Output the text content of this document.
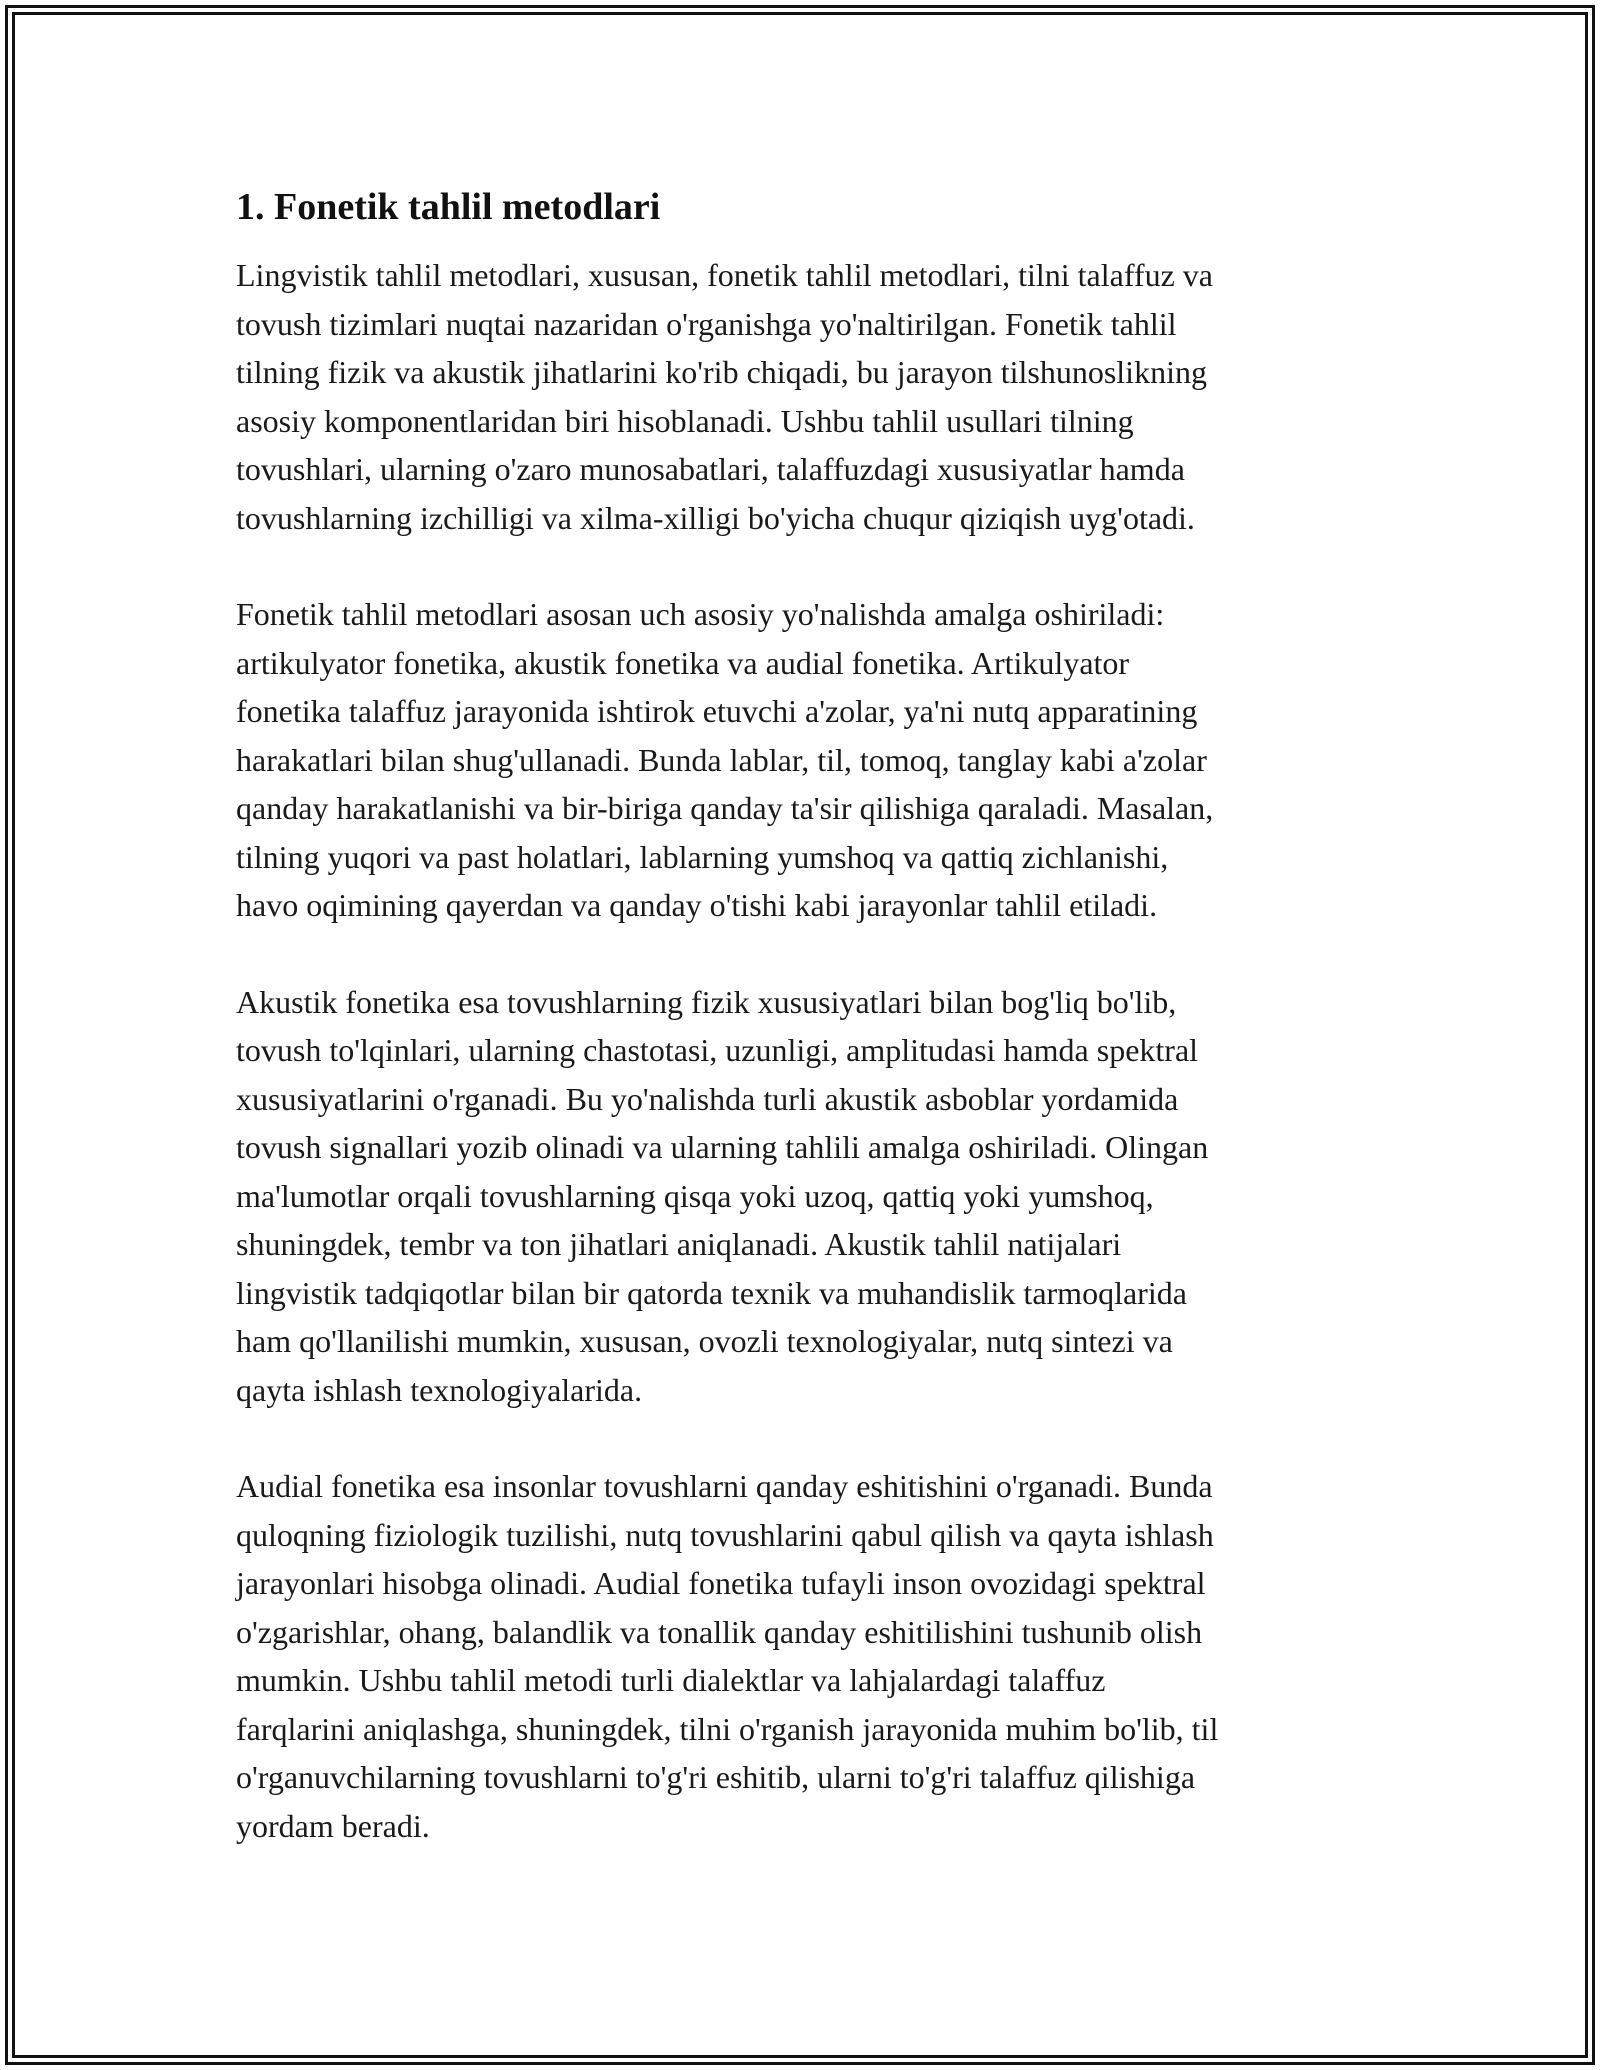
1. Fonetik tahlil metodlari

Lingvistik tahlil metodlari, xususan, fonetik tahlil metodlari, tilni talaffuz va
tovush tizimlari nuqtai nazaridan o'rganishga yo'naltirilgan. Fonetik tahlil
tilning fizik va akustik jihatlarini ko'rib chiqadi, bu jarayon tilshunoslikning
asosiy komponentlaridan biri hisoblanadi. Ushbu tahlil usullari tilning
tovushlari, ularning o'zaro munosabatlari, talaffuzdagi xususiyatlar hamda
tovushlarning izchilligi va xilma-xilligi bo'yicha chuqur qiziqish uyg'otadi.

Fonetik tahlil metodlari asosan uch asosiy yo'nalishda amalga oshiriladi:
artikulyator fonetika, akustik fonetika va audial fonetika. Artikulyator
fonetika talaffuz jarayonida ishtirok etuvchi a'zolar, ya'ni nutq apparatining
harakatlari bilan shug'ullanadi. Bunda lablar, til, tomoq, tanglay kabi a'zolar
qanday harakatlanishi va bir-biriga qanday ta'sir qilishiga qaraladi. Masalan,
tilning yuqori va past holatlari, lablarning yumshoq va qattiq zichlanishi,
havo oqimining qayerdan va qanday o'tishi kabi jarayonlar tahlil etiladi.

Akustik fonetika esa tovushlarning fizik xususiyatlari bilan bog'liq bo'lib,
tovush to'lqinlari, ularning chastotasi, uzunligi, amplitudasi hamda spektral
xususiyatlarini o'rganadi. Bu yo'nalishda turli akustik asboblar yordamida
tovush signallari yozib olinadi va ularning tahlili amalga oshiriladi. Olingan
ma'lumotlar orqali tovushlarning qisqa yoki uzoq, qattiq yoki yumshoq,
shuningdek, tembr va ton jihatlari aniqlanadi. Akustik tahlil natijalari
lingvistik tadqiqotlar bilan bir qatorda texnik va muhandislik tarmoqlarida
ham qo'llanilishi mumkin, xususan, ovozli texnologiyalar, nutq sintezi va
qayta ishlash texnologiyalarida.

Audial fonetika esa insonlar tovushlarni qanday eshitishini o'rganadi. Bunda
quloqning fiziologik tuzilishi, nutq tovushlarini qabul qilish va qayta ishlash
jarayonlari hisobga olinadi. Audial fonetika tufayli inson ovozidagi spektral
o'zgarishlar, ohang, balandlik va tonallik qanday eshitilishini tushunib olish
mumkin. Ushbu tahlil metodi turli dialektlar va lahjalardagi talaffuz
farqlarini aniqlashga, shuningdek, tilni o'rganish jarayonida muhim bo'lib, til
o'rganuvchilarning tovushlarni to'g'ri eshitib, ularni to'g'ri talaffuz qilishiga
yordam beradi.
